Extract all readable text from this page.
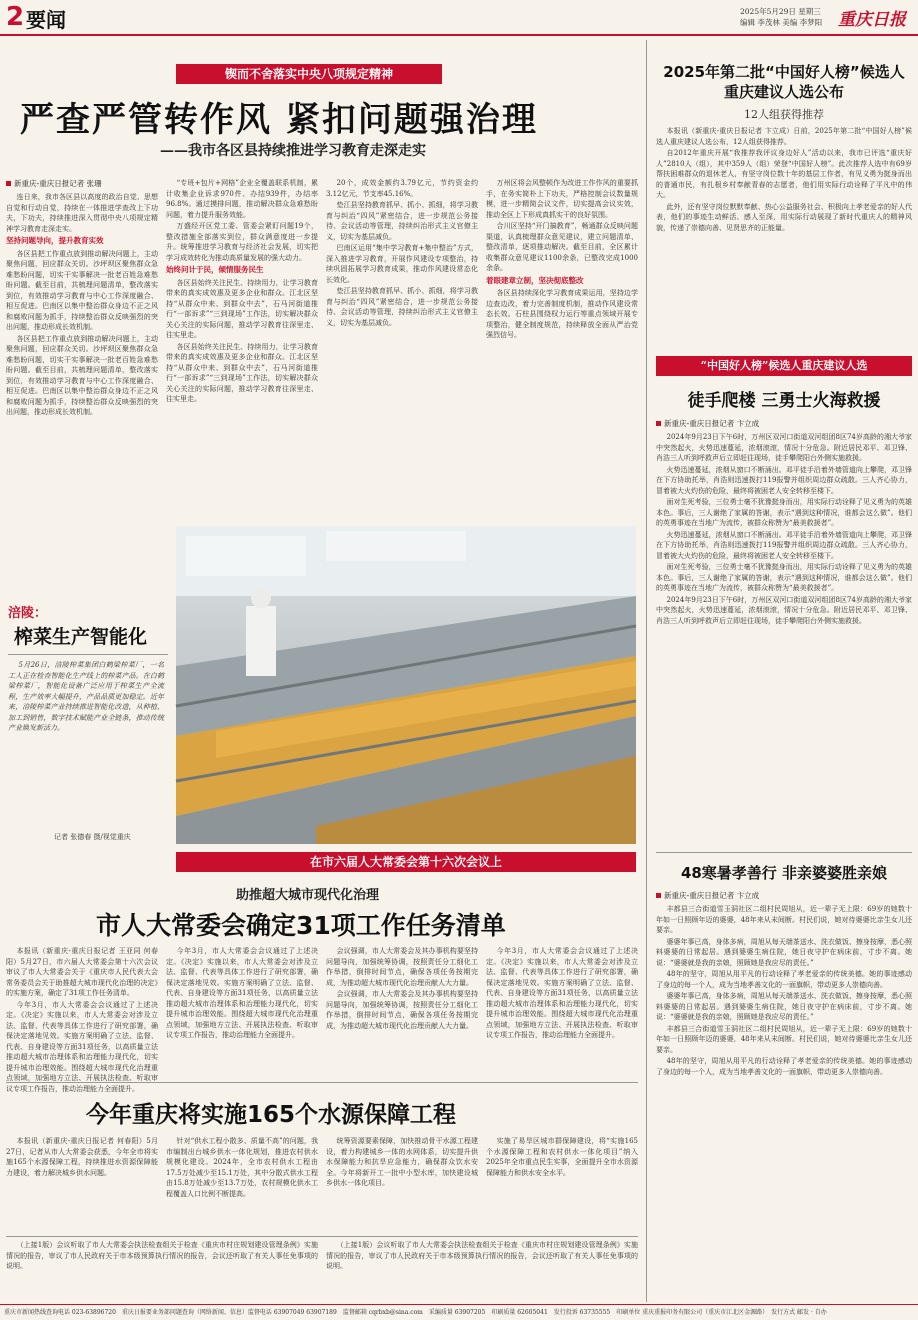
2 要闻	2025年5月29日 星期三
编辑 李茂林 美编 李梦阳 重庆日报
锲而不舍落实中央八项规定精神
严查严管转作风 紧扣问题强治理
——我市各区县持续推进学习教育走深走实
新重庆-重庆日报记者 张珊

连日来，我市各区县以高度的政治自觉、思想自觉和行动自觉，持续在一体推进学查改上下功夫，下功夫，持续推进深入贯彻中央八项规定精神学习教育走深走实。

坚持问题导向，提升教育实效

各区县把工作重点放到推动解决问题上，主动聚焦问题，回应群众关切。沙坪坝区聚焦群众急难愁盼问题，切实干实事解决一批老百姓急难愁盼问题。截至目前，共梳理问题清单，整改落实到位，有效推动学习教育与中心工作深度融合、相互促进。巴南区以集中整治群众身边不正之风和腐败问题为抓手，持续整治群众反映强烈的突出问题，推动形成长效机制。

各区县把工作重点放到推动解决问题上，主动聚焦问题，回应群众关切。沙坪坝区聚焦群众急难愁盼问题，切实干实事解决一批老百姓急难愁盼问题。截至目前，共梳理问题清单，整改落实到位，有效推动学习教育与中心工作深度融合、相互促进。巴南区以集中整治群众身边不正之风和腐败问题为抓手，持续整治群众反映强烈的突出问题，推动形成长效机制。

“专班+包片+网格”企业全覆盖联系机制，累计收集企业诉求970件、办结939件，办结率96.8%。通过摸排问题，推动解决群众急难愁盼问题，着力提升服务效能。

万盛经开区党工委、管委会紧盯问题19个，整改措施全部落实到位，群众满意度进一步提升。统筹推进学习教育与经济社会发展，切实把学习成效转化为推动高质量发展的强大动力。

始终问计于民，倾情服务民生

各区县始终关注民生、持续用力，让学习教育带来的真实成效惠及更多企业和群众。江北区坚持“从群众中来、到群众中去”，石马河街道推行“一部诉求”“三到现场”工作法，切实解决群众关心关注的实际问题，推动学习教育往深里走、往实里走。

各区县始终关注民生、持续用力，让学习教育带来的真实成效惠及更多企业和群众。江北区坚持“从群众中来、到群众中去”，石马河街道推行“一部诉求”“三到现场”工作法，切实解决群众关心关注的实际问题，推动学习教育往深里走、往实里走。

20个，成效金额约3.79亿元，节约资金约3.12亿元，节支率45.16%。

垫江县坚持教育抓早、抓小、抓细，将学习教育与纠治“四风”紧密结合，进一步规范公务接待、会议活动等管理，持续纠治形式主义官僚主义，切实为基层减负。

巴南区运用“集中学习教育+集中整治”方式，深入推进学习教育，开展作风建设专项整治，持续巩固拓展学习教育成果，推动作风建设常态化长效化。

垫江县坚持教育抓早、抓小、抓细，将学习教育与纠治“四风”紧密结合，进一步规范公务接待、会议活动等管理，持续纠治形式主义官僚主义，切实为基层减负。

万州区将会风整顿作为改进工作作风的重要抓手，在务实简朴上下功夫，严格控制会议数量规模，进一步精简会议文件，切实提高会议实效，推动全区上下形成真抓实干的良好氛围。

合川区坚持“开门搞教育”，畅通群众反映问题渠道，认真梳理群众意见建议，建立问题清单、整改清单，逐项推动解决。截至目前，全区累计收集群众意见建议1100余条，已整改完成1000余条。

着眼建章立制，坚决彻底整改

各区县持续深化学习教育成果运用，坚持边学边查边改，着力完善制度机制，推动作风建设常态长效。石柱县围绕权力运行等重点领域开展专项整治，健全制度规范，持续释放全面从严治党强烈信号。

涪陵：
榨菜生产智能化

5月26日，涪陵榨菜集团白鹤梁榨菜厂，一名工人正在检查智能化生产线上的榨菜产品。在白鹤梁榨菜厂，智能化设备广泛应用于榨菜生产全流程，生产效率大幅提升，产品品质更加稳定。近年来，涪陵榨菜产业持续推进智能化改造，从种植、加工到销售，数字技术赋能产业全链条，推动传统产业焕发新活力。

记者 张德春 摄/视觉重庆
在市六届人大常委会第十六次会议上
助推超大城市现代化治理
市人大常委会确定31项工作任务清单

本报讯（新重庆-重庆日报记者 王亚同 何春阳）5月27日，市六届人大常委会第十六次会议审议了市人大常委会关于《重庆市人民代表大会常务委员会关于助推超大城市现代化治理的决定》的实施方案，确定了31项工作任务清单。

今年3月，市人大常委会会议通过了上述决定。《决定》实施以来，市人大常委会对涉及立法、监督、代表等具体工作进行了研究部署，确保决定落地见效。实施方案明确了立法、监督、代表、自身建设等方面31项任务，以高质量立法推动超大城市治理体系和治理能力现代化，切实提升城市治理效能。围绕超大城市现代化治理重点领域，加强地方立法、开展执法检查、听取审议专项工作报告，推动治理能力全面提升。

今年3月，市人大常委会会议通过了上述决定。《决定》实施以来，市人大常委会对涉及立法、监督、代表等具体工作进行了研究部署，确保决定落地见效。实施方案明确了立法、监督、代表、自身建设等方面31项任务，以高质量立法推动超大城市治理体系和治理能力现代化，切实提升城市治理效能。围绕超大城市现代化治理重点领域，加强地方立法、开展执法检查、听取审议专项工作报告，推动治理能力全面提升。

会议强调，市人大常委会及其办事机构要坚持问题导向，加强统筹协调，按照责任分工细化工作举措，倒排时间节点，确保各项任务按期完成，为推动超大城市现代化治理贡献人大力量。

会议强调，市人大常委会及其办事机构要坚持问题导向，加强统筹协调，按照责任分工细化工作举措，倒排时间节点，确保各项任务按期完成，为推动超大城市现代化治理贡献人大力量。

今年3月，市人大常委会会议通过了上述决定。《决定》实施以来，市人大常委会对涉及立法、监督、代表等具体工作进行了研究部署，确保决定落地见效。实施方案明确了立法、监督、代表、自身建设等方面31项任务，以高质量立法推动超大城市治理体系和治理能力现代化，切实提升城市治理效能。围绕超大城市现代化治理重点领域，加强地方立法、开展执法检查、听取审议专项工作报告，推动治理能力全面提升。

今年重庆将实施165个水源保障工程

本报讯（新重庆-重庆日报记者 何春阳）5月27日，记者从市人大常委会获悉，今年全市将实施165个水源保障工程，持续推进水资源保障能力建设，着力解决城乡供水问题。

针对“供水工程小散多、质量不高”的问题，我市编制出台城乡供水一体化规划，推进农村供水规模化建设。2024年，全市农村供水工程由17.5万处减少至15.1万处，其中分散式供水工程由15.8万处减少至13.7万处，农村规模化供水工程覆盖人口比例不断提高。

统筹资源要素保障，加快推动骨干水源工程建设，着力构建城乡一体的水网体系，切实提升供水保障能力和抗旱应急能力，确保群众饮水安全。今年将新开工一批中小型水库，加快建设城乡供水一体化项目。

实施了易旱区城市群保障建设，将“实施165个水源保障工程和农村供水一体化项目”纳入2025年全市重点民生实事，全面提升全市水资源保障能力和供水安全水平。

（上接1版）会议听取了市人大常委会执法检查组关于检查《重庆市村庄规划建设管理条例》实施情况的报告，审议了市人民政府关于市本级预算执行情况的报告，会议还听取了有关人事任免事项的说明。

（上接1版）会议听取了市人大常委会执法检查组关于检查《重庆市村庄规划建设管理条例》实施情况的报告，审议了市人民政府关于市本级预算执行情况的报告，会议还听取了有关人事任免事项的说明。

2025年第二批“中国好人榜”候选人重庆建议人选公布
12人组获得推荐

本报讯（新重庆-重庆日报记者 卞立成）日前，2025年第二批“中国好人榜”候选人重庆建议人选公布，12人组获得推荐。

自2012年重庆开展“我推荐我评议身边好人”活动以来，我市已评选“重庆好人”2810人（组），其中359人（组）荣登“中国好人榜”。此次推荐人选中有69岁帮扶困难群众的退休老人，有坚守岗位数十年的基层工作者，有见义勇为挺身而出的普通市民，有扎根乡村奉献青春的志愿者，他们用实际行动诠释了平凡中的伟大。

此外，还有坚守岗位默默奉献、热心公益服务社会、积极向上孝老爱亲的好人代表，他们的事迹生动鲜活、感人至深，用实际行动展现了新时代重庆人的精神风貌，传递了崇德向善、见贤思齐的正能量。

“中国好人榜”候选人重庆建议人选
徒手爬楼 三勇士火海救援
新重庆-重庆日报记者 卞立成

2024年9月23日下午6时，万州区双河口街道双河组团8区74岁高龄的湘大爷家中突然起火，火势迅速蔓延，浓烟滚滚，情况十分危急。附近居民邓平、邓卫锋、肖浩三人听到呼救声后立即赶往现场，徒手攀爬阳台外侧实施救援。

火势迅速蔓延，浓烟从窗口不断涌出。邓平徒手沿着外墙管道向上攀爬，邓卫锋在下方协助托举，肖浩则迅速拨打119报警并组织周边群众疏散。三人齐心协力，冒着被大火灼伤的危险，最终将被困老人安全转移至楼下。

面对生死考验，三位勇士毫不犹豫挺身而出，用实际行动诠释了见义勇为的英雄本色。事后，三人谢绝了家属的答谢，表示“遇到这种情况，谁都会这么做”。他们的英勇事迹在当地广为流传，被群众称赞为“最美救援者”。

火势迅速蔓延，浓烟从窗口不断涌出。邓平徒手沿着外墙管道向上攀爬，邓卫锋在下方协助托举，肖浩则迅速拨打119报警并组织周边群众疏散。三人齐心协力，冒着被大火灼伤的危险，最终将被困老人安全转移至楼下。

面对生死考验，三位勇士毫不犹豫挺身而出，用实际行动诠释了见义勇为的英雄本色。事后，三人谢绝了家属的答谢，表示“遇到这种情况，谁都会这么做”。他们的英勇事迹在当地广为流传，被群众称赞为“最美救援者”。

2024年9月23日下午6时，万州区双河口街道双河组团8区74岁高龄的湘大爷家中突然起火，火势迅速蔓延，浓烟滚滚，情况十分危急。附近居民邓平、邓卫锋、肖浩三人听到呼救声后立即赶往现场，徒手攀爬阳台外侧实施救援。

48寒暑孝善行 非亲婆婆胜亲娘
新重庆-重庆日报记者 卞立成

丰都县三合街道雪玉洞社区二组村民周旭从，近一辈子无上限：69岁的她数十年如一日照顾年迈的婆婆，48年来从未间断。村民们说，她对待婆婆比亲生女儿还要亲。

婆婆年事已高，身体多病，周旭从每天端茶送水、洗衣做饭、擦身按摩，悉心照料婆婆的日常起居。遇到婆婆生病住院，她日夜守护在病床前，寸步不离。她说：“婆婆就是我的亲娘，照顾她是我应尽的责任。”

48年的坚守，周旭从用平凡的行动诠释了孝老爱亲的传统美德。她的事迹感动了身边的每一个人，成为当地孝善文化的一面旗帜，带动更多人崇德向善。

婆婆年事已高，身体多病，周旭从每天端茶送水、洗衣做饭、擦身按摩，悉心照料婆婆的日常起居。遇到婆婆生病住院，她日夜守护在病床前，寸步不离。她说：“婆婆就是我的亲娘，照顾她是我应尽的责任。”

丰都县三合街道雪玉洞社区二组村民周旭从，近一辈子无上限：69岁的她数十年如一日照顾年迈的婆婆，48年来从未间断。村民们说，她对待婆婆比亲生女儿还要亲。

48年的坚守，周旭从用平凡的行动诠释了孝老爱亲的传统美德。她的事迹感动了身边的每一个人，成为当地孝善文化的一面旗帜，带动更多人崇德向善。

重庆市新闻热线查询电话 023-63896720　重庆日报要业务部问题查询（网络新闻、信息）监督电话 63907049 63907189　监督邮箱 cqrbxb@sina.com　采编质量 63907205　印刷质量 62605041　发行投诉 63735555　印刷单位 重庆重报印务有限公司（重庆市江北区金源路）　发行方式 邮发 · 自办
